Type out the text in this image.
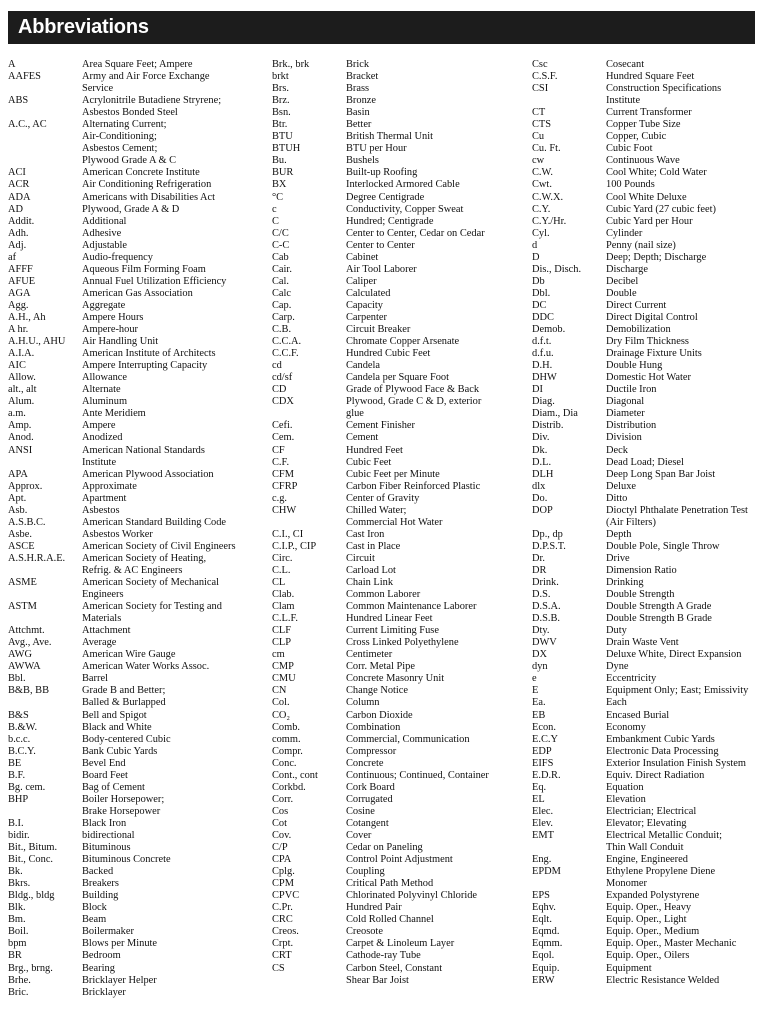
Abbreviations
A	Area Square Feet; Ampere
AAFES	Army and Air Force Exchange
Service
ABS	Acrylonitrile Butadiene Stryrene;
Asbestos Bonded Steel
A.C., AC	Alternating Current;
Air-Conditioning;
Asbestos Cement;
Plywood Grade A & C
ACI	American Concrete Institute
ACR	Air Conditioning Refrigeration
ADA	Americans with Disabilities Act
AD	Plywood, Grade A & D
Addit.	Additional
Adh.	Adhesive
Adj.	Adjustable
af	Audio-frequency
AFFF	Aqueous Film Forming Foam
AFUE	Annual Fuel Utilization Efficiency
AGA	American Gas Association
Agg.	Aggregate
A.H., Ah	Ampere Hours
A hr.	Ampere-hour
A.H.U., AHU	Air Handling Unit
A.I.A.	American Institute of Architects
AIC	Ampere Interrupting Capacity
Allow.	Allowance
alt., alt	Alternate
Alum.	Aluminum
a.m.	Ante Meridiem
Amp.	Ampere
Anod.	Anodized
ANSI	American National Standards
Institute
APA	American Plywood Association
Approx.	Approximate
Apt.	Apartment
Asb.	Asbestos
A.S.B.C.	American Standard Building Code
Asbe.	Asbestos Worker
ASCE	American Society of Civil Engineers
A.S.H.R.A.E.	American Society of Heating,
Refrig. & AC Engineers
ASME	American Society of Mechanical
Engineers
ASTM	American Society for Testing and
Materials
Attchmt.	Attachment
Avg., Ave.	Average
AWG	American Wire Gauge
AWWA	American Water Works Assoc.
Bbl.	Barrel
B&B, BB	Grade B and Better;
Balled & Burlapped
B&S	Bell and Spigot
B.&W.	Black and White
b.c.c.	Body-centered Cubic
B.C.Y.	Bank Cubic Yards
BE	Bevel End
B.F.	Board Feet
Bg. cem.	Bag of Cement
BHP	Boiler Horsepower;
Brake Horsepower
B.I.	Black Iron
bidir.	bidirectional
Bit., Bitum.	Bituminous
Bit., Conc.	Bituminous Concrete
Bk.	Backed
Bkrs.	Breakers
Bldg., bldg	Building
Blk.	Block
Bm.	Beam
Boil.	Boilermaker
bpm	Blows per Minute
BR	Bedroom
Brg., brng.	Bearing
Brhe.	Bricklayer Helper
Bric.	Bricklayer
Brk., brk	Brick
brkt	Bracket
Brs.	Brass
Brz.	Bronze
Bsn.	Basin
Btr.	Better
BTU	British Thermal Unit
BTUH	BTU per Hour
Bu.	Bushels
BUR	Built-up Roofing
BX	Interlocked Armored Cable
°C	Degree Centigrade
c	Conductivity, Copper Sweat
C	Hundred; Centigrade
C/C	Center to Center, Cedar on Cedar
C-C	Center to Center
Cab	Cabinet
Cair.	Air Tool Laborer
Cal.	Caliper
Calc	Calculated
Cap.	Capacity
Carp.	Carpenter
C.B.	Circuit Breaker
C.C.A.	Chromate Copper Arsenate
C.C.F.	Hundred Cubic Feet
cd	Candela
cd/sf	Candela per Square Foot
CD	Grade of Plywood Face & Back
CDX	Plywood, Grade C & D, exterior
glue
Cefi.	Cement Finisher
Cem.	Cement
CF	Hundred Feet
C.F.	Cubic Feet
CFM	Cubic Feet per Minute
CFRP	Carbon Fiber Reinforced Plastic
c.g.	Center of Gravity
CHW	Chilled Water;
Commercial Hot Water
C.I., CI	Cast Iron
C.I.P., CIP	Cast in Place
Circ.	Circuit
C.L.	Carload Lot
CL	Chain Link
Clab.	Common Laborer
Clam	Common Maintenance Laborer
C.L.F.	Hundred Linear Feet
CLF	Current Limiting Fuse
CLP	Cross Linked Polyethylene
cm	Centimeter
CMP	Corr. Metal Pipe
CMU	Concrete Masonry Unit
CN	Change Notice
Col.	Column
CO₂	Carbon Dioxide
Comb.	Combination
comm.	Commercial, Communication
Compr.	Compressor
Conc.	Concrete
Cont., cont	Continuous; Continued, Container
Corkbd.	Cork Board
Corr.	Corrugated
Cos	Cosine
Cot	Cotangent
Cov.	Cover
C/P	Cedar on Paneling
CPA	Control Point Adjustment
Cplg.	Coupling
CPM	Critical Path Method
CPVC	Chlorinated Polyvinyl Chloride
C.Pr.	Hundred Pair
CRC	Cold Rolled Channel
Creos.	Creosote
Crpt.	Carpet & Linoleum Layer
CRT	Cathode-ray Tube
CS	Carbon Steel, Constant
Shear Bar Joist
Csc	Cosecant
C.S.F.	Hundred Square Feet
CSI	Construction Specifications
Institute
CT	Current Transformer
CTS	Copper Tube Size
Cu	Copper, Cubic
Cu. Ft.	Cubic Foot
cw	Continuous Wave
C.W.	Cool White; Cold Water
Cwt.	100 Pounds
C.W.X.	Cool White Deluxe
C.Y.	Cubic Yard (27 cubic feet)
C.Y./Hr.	Cubic Yard per Hour
Cyl.	Cylinder
d	Penny (nail size)
D	Deep; Depth; Discharge
Dis., Disch.	Discharge
Db	Decibel
Dbl.	Double
DC	Direct Current
DDC	Direct Digital Control
Demob.	Demobilization
d.f.t.	Dry Film Thickness
d.f.u.	Drainage Fixture Units
D.H.	Double Hung
DHW	Domestic Hot Water
DI	Ductile Iron
Diag.	Diagonal
Diam., Dia	Diameter
Distrib.	Distribution
Div.	Division
Dk.	Deck
D.L.	Dead Load; Diesel
DLH	Deep Long Span Bar Joist
dlx	Deluxe
Do.	Ditto
DOP	Dioctyl Phthalate Penetration Test
(Air Filters)
Dp., dp	Depth
D.P.S.T.	Double Pole, Single Throw
Dr.	Drive
DR	Dimension Ratio
Drink.	Drinking
D.S.	Double Strength
D.S.A.	Double Strength A Grade
D.S.B.	Double Strength B Grade
Dty.	Duty
DWV	Drain Waste Vent
DX	Deluxe White, Direct Expansion
dyn	Dyne
e	Eccentricity
E	Equipment Only; East; Emissivity
Ea.	Each
EB	Encased Burial
Econ.	Economy
E.C.Y	Embankment Cubic Yards
EDP	Electronic Data Processing
EIFS	Exterior Insulation Finish System
E.D.R.	Equiv. Direct Radiation
Eq.	Equation
EL	Elevation
Elec.	Electrician; Electrical
Elev.	Elevator; Elevating
EMT	Electrical Metallic Conduit;
Thin Wall Conduit
Eng.	Engine, Engineered
EPDM	Ethylene Propylene Diene
Monomer
EPS	Expanded Polystyrene
Eqhv.	Equip. Oper., Heavy
Eqlt.	Equip. Oper., Light
Eqmd.	Equip. Oper., Medium
Eqmm.	Equip. Oper., Master Mechanic
Eqol.	Equip. Oper., Oilers
Equip.	Equipment
ERW	Electric Resistance Welded
